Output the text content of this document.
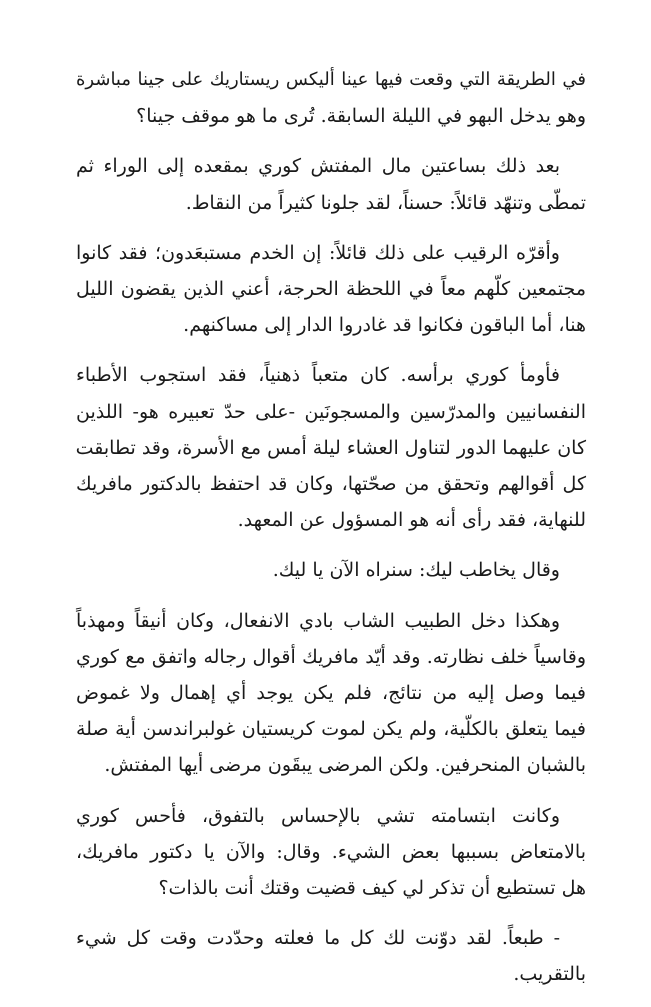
في الطريقة التي وقعت فيها عينا أليكس ريستاريك على جينا مباشرة
وهو يدخل البهو في الليلة السابقة. تُرى ما هو موقف جينا؟

بعد ذلك بساعتين مال المفتش كوري بمقعده إلى الوراء ثم
تمطّى وتنهّد قائلاً: حسناً، لقد جلونا كثيراً من النقاط.

وأقرّه الرقيب على ذلك قائلاً: إن الخدم مستبعَدون؛ فقد كانوا
مجتمعين كلّهم معاً في اللحظة الحرجة، أعني الذين يقضون الليل
هنا، أما الباقون فكانوا قد غادروا الدار إلى مساكنهم.

فأومأ كوري برأسه. كان متعباً ذهنياً، فقد استجوب الأطباء
النفسانيين والمدرّسين والمسجونَين -على حدّ تعبيره هو- اللذين
كان عليهما الدور لتناول العشاء ليلة أمس مع الأسرة، وقد تطابقت
كل أقوالهم وتحقق من صحّتها، وكان قد احتفظ بالدكتور مافريك
للنهاية، فقد رأى أنه هو المسؤول عن المعهد.

وقال يخاطب ليك: سنراه الآن يا ليك.

وهكذا دخل الطبيب الشاب بادي الانفعال، وكان أنيقاً ومهذباً
وقاسياً خلف نظارته. وقد أيّد مافريك أقوال رجاله واتفق مع كوري
فيما وصل إليه من نتائج، فلم يكن يوجد أي إهمال ولا غموض
فيما يتعلق بالكلّية، ولم يكن لموت كريستيان غولبراندسن أية صلة
بالشبان المنحرفين. ولكن المرضى يبقَون مرضى أيها المفتش.

وكانت ابتسامته تشي بالإحساس بالتفوق، فأحس كوري
بالامتعاض بسببها بعض الشيء. وقال: والآن يا دكتور مافريك،
هل تستطيع أن تذكر لي كيف قضيت وقتك أنت بالذات؟

- طبعاً. لقد دوّنت لك كل ما فعلته وحدّدت وقت كل شيء
بالتقريب.
